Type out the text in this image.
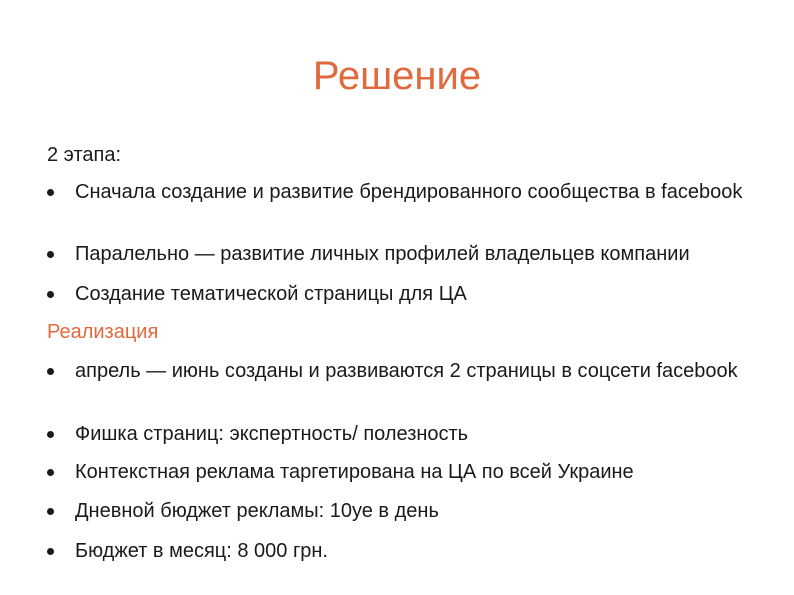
Решение
2 этапа:
Сначала создание и развитие брендированного сообщества в facebook
Паралельно — развитие личных профилей владельцев компании
Создание тематической страницы для ЦА
Реализация
апрель — июнь созданы и развиваются 2 страницы в соцсети facebook
Фишка страниц: экспертность/ полезность
Контекстная реклама таргетирована на ЦА по всей Украине
Дневной бюджет рекламы: 10уе в день
Бюджет в месяц: 8 000 грн.
